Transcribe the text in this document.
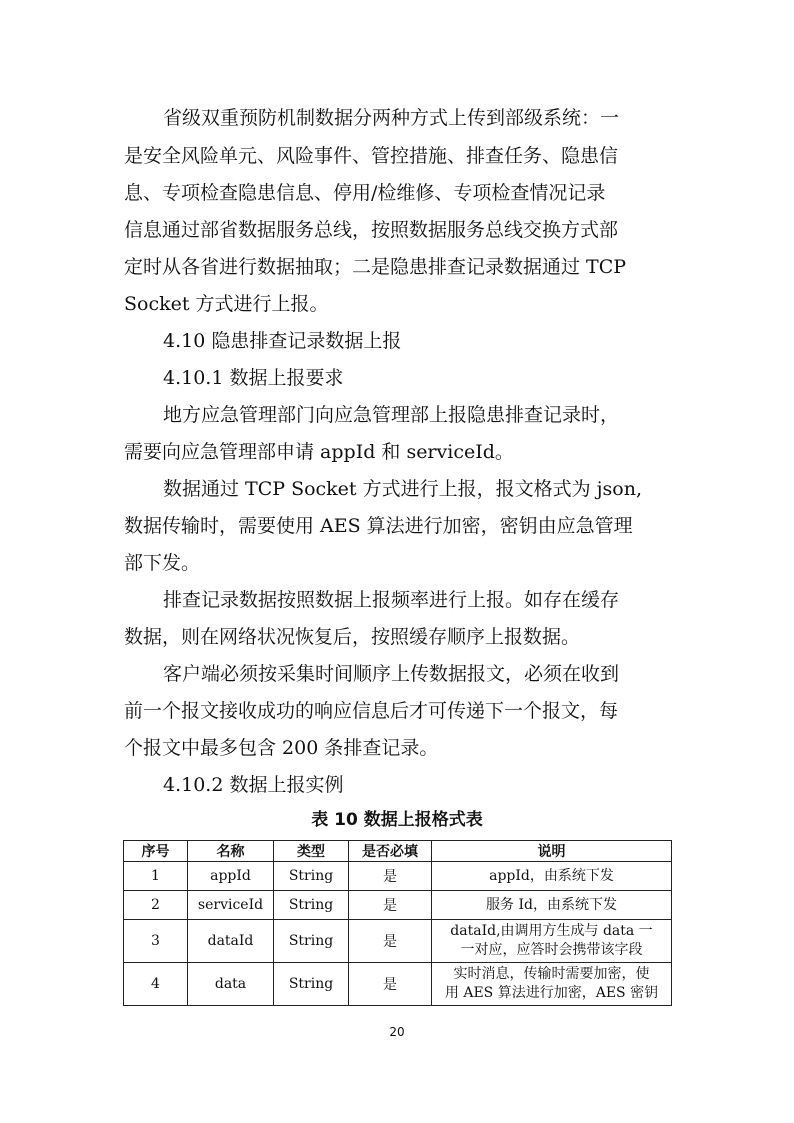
省级双重预防机制数据分两种方式上传到部级系统：一
是安全风险单元、风险事件、管控措施、排查任务、隐患信
息、专项检查隐患信息、停用/检维修、专项检查情况记录
信息通过部省数据服务总线，按照数据服务总线交换方式部
定时从各省进行数据抽取；二是隐患排查记录数据通过 TCP
Socket 方式进行上报。
4.10 隐患排查记录数据上报
4.10.1 数据上报要求
地方应急管理部门向应急管理部上报隐患排查记录时，
需要向应急管理部申请 appId 和 serviceId。
数据通过 TCP Socket 方式进行上报，报文格式为 json,
数据传输时，需要使用 AES 算法进行加密，密钥由应急管理
部下发。
排查记录数据按照数据上报频率进行上报。如存在缓存
数据，则在网络状况恢复后，按照缓存顺序上报数据。
客户端必须按采集时间顺序上传数据报文，必须在收到
前一个报文接收成功的响应信息后才可传递下一个报文，每
个报文中最多包含 200 条排查记录。
4.10.2 数据上报实例
表 10 数据上报格式表
序号	名称	类型	是否必填	说明
1	appId	String	是	appId，由系统下发
2	serviceId	String	是	服务 Id，由系统下发
3	dataId	String	是	dataId,由调用方生成与 data 一
一对应，应答时会携带该字段

4	data	String	是	实时消息，传输时需要加密，使
用 AES 算法进行加密，AES 密钥
20
